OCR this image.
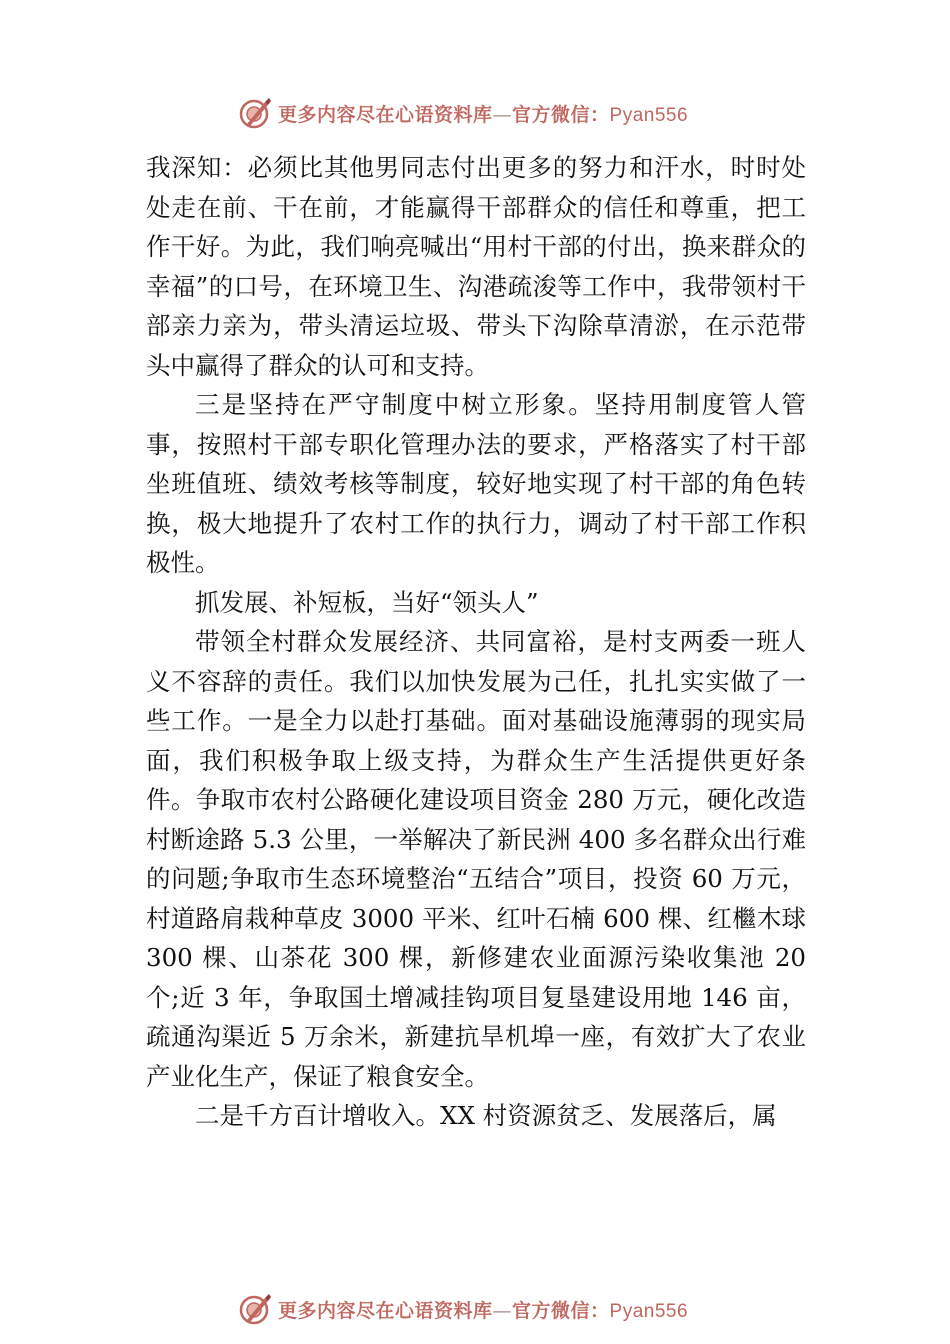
更多内容尽在心语资料库—官方微信：Pyan556

我深知：必须比其他男同志付出更多的努力和汗水，时时处处走在前、干在前，才能赢得干部群众的信任和尊重，把工作干好。为此，我们响亮喊出“用村干部的付出，换来群众的幸福”的口号，在环境卫生、沟港疏浚等工作中，我带领村干部亲力亲为，带头清运垃圾、带头下沟除草清淤，在示范带头中赢得了群众的认可和支持。

三是坚持在严守制度中树立形象。坚持用制度管人管事，按照村干部专职化管理办法的要求，严格落实了村干部坐班值班、绩效考核等制度，较好地实现了村干部的角色转换，极大地提升了农村工作的执行力，调动了村干部工作积极性。

抓发展、补短板，当好“领头人”

带领全村群众发展经济、共同富裕，是村支两委一班人义不容辞的责任。我们以加快发展为己任，扎扎实实做了一些工作。一是全力以赴打基础。面对基础设施薄弱的现实局面，我们积极争取上级支持，为群众生产生活提供更好条件。争取市农村公路硬化建设项目资金 280 万元，硬化改造村断途路 5.3 公里，一举解决了新民洲 400 多名群众出行难的问题;争取市生态环境整治“五结合”项目，投资 60 万元，村道路肩栽种草皮 3000 平米、红叶石楠 600 棵、红檵木球 300 棵、山茶花 300 棵，新修建农业面源污染收集池 20 个;近 3 年，争取国土增减挂钩项目复垦建设用地 146 亩，疏通沟渠近 5 万余米，新建抗旱机埠一座，有效扩大了农业产业化生产，保证了粮食安全。

二是千方百计增收入。XX 村资源贫乏、发展落后，属

更多内容尽在心语资料库—官方微信：Pyan556
